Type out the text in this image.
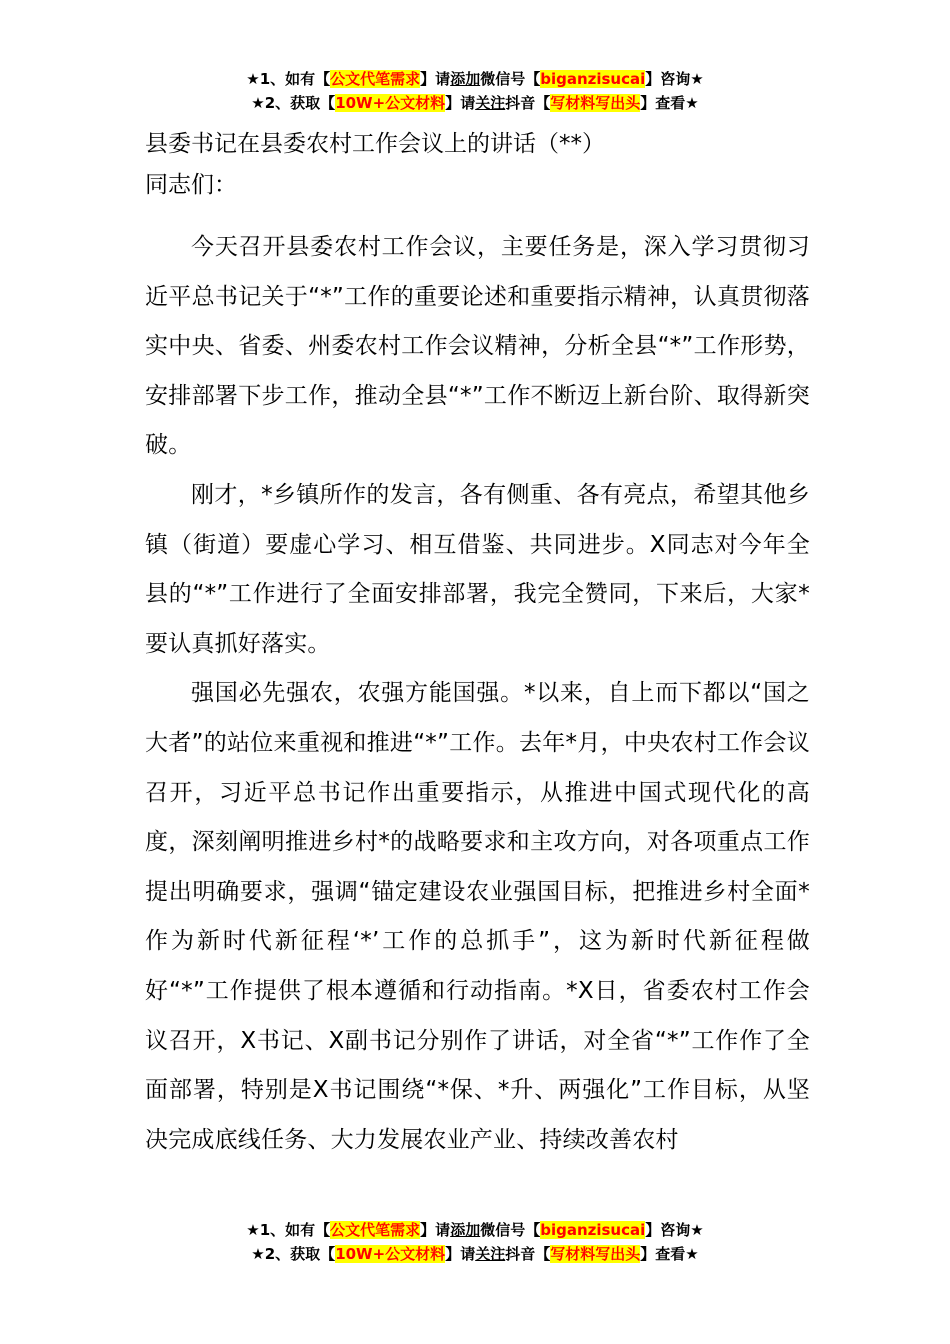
★1、如有【公文代笔需求】请添加微信号【biganzisucai】咨询★
★2、获取【10W+公文材料】请关注抖音【写材料写出头】查看★

县委书记在县委农村工作会议上的讲话（**）

同志们：

今天召开县委农村工作会议，主要任务是，深入学习贯彻习近平总书记关于“*”工作的重要论述和重要指示精神，认真贯彻落实中央、省委、州委农村工作会议精神，分析全县“*”工作形势，安排部署下步工作，推动全县“*”工作不断迈上新台阶、取得新突破。

刚才，*乡镇所作的发言，各有侧重、各有亮点，希望其他乡镇（街道）要虚心学习、相互借鉴、共同进步。X同志对今年全县的“*”工作进行了全面安排部署，我完全赞同，下来后，大家*要认真抓好落实。

强国必先强农，农强方能国强。*以来，自上而下都以“国之大者”的站位来重视和推进“*”工作。去年*月，中央农村工作会议召开，习近平总书记作出重要指示，从推进中国式现代化的高度，深刻阐明推进乡村*的战略要求和主攻方向，对各项重点工作提出明确要求，强调“锚定建设农业强国目标，把推进乡村全面*作为新时代新征程‘*’工作的总抓手”，这为新时代新征程做好“*”工作提供了根本遵循和行动指南。*X日，省委农村工作会议召开，X书记、X副书记分别作了讲话，对全省“*”工作作了全面部署，特别是X书记围绕“*保、*升、两强化”工作目标，从坚决完成底线任务、大力发展农业产业、持续改善农村

★1、如有【公文代笔需求】请添加微信号【biganzisucai】咨询★
★2、获取【10W+公文材料】请关注抖音【写材料写出头】查看★
